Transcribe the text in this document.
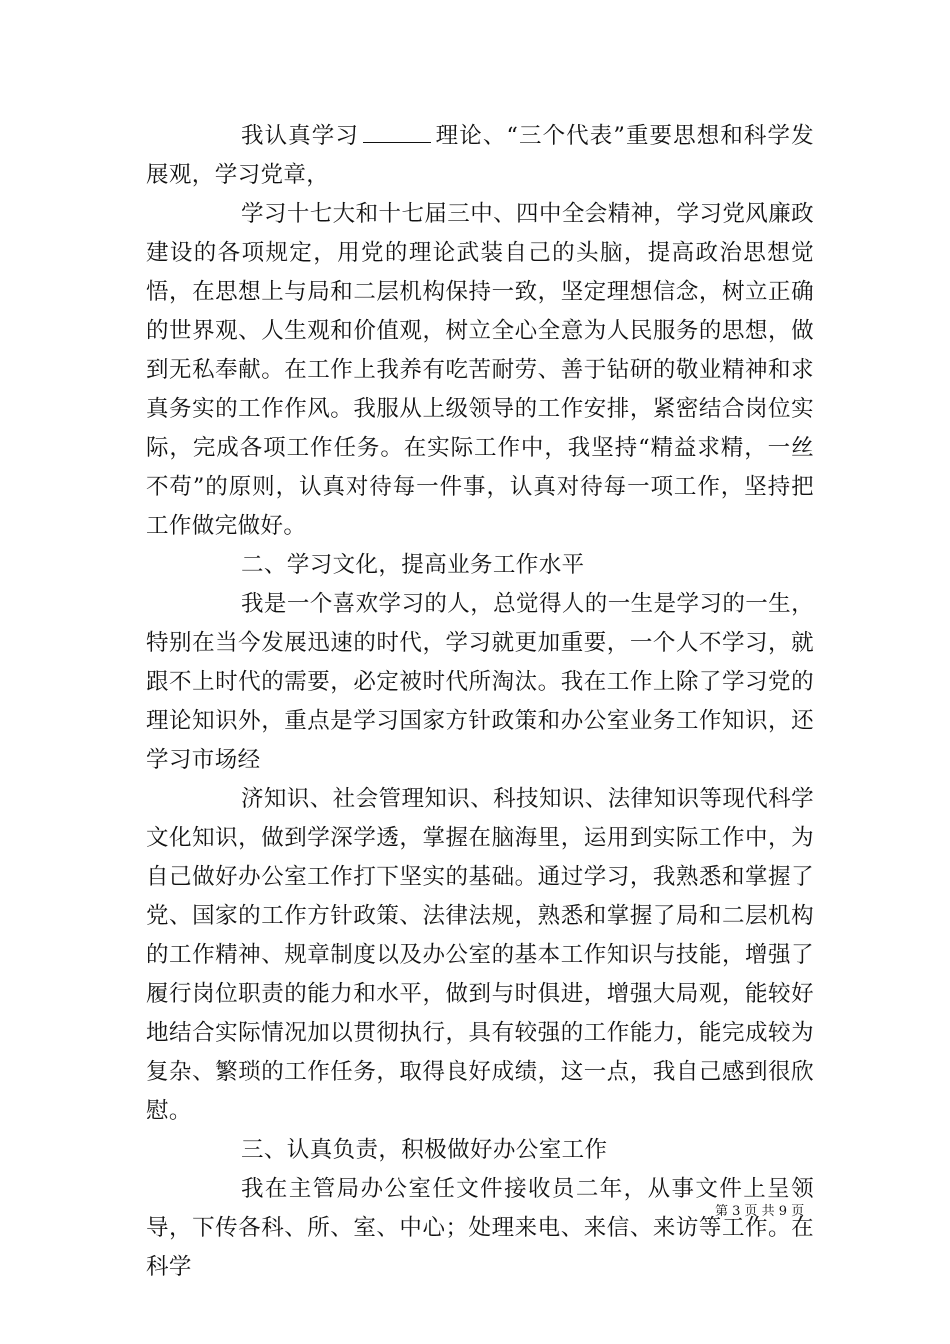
我认真学习	理论、“三个代表”重要思想和科学发展观，学习党章，

学习十七大和十七届三中、四中全会精神，学习党风廉政建设的各项规定，用党的理论武装自己的头脑，提高政治思想觉悟，在思想上与局和二层机构保持一致，坚定理想信念，树立正确的世界观、人生观和价值观，树立全心全意为人民服务的思想，做到无私奉献。在工作上我养有吃苦耐劳、善于钻研的敬业精神和求真务实的工作作风。我服从上级领导的工作安排，紧密结合岗位实际，完成各项工作任务。在实际工作中，我坚持“精益求精，一丝不苟”的原则，认真对待每一件事，认真对待每一项工作，坚持把工作做完做好。

二、学习文化，提高业务工作水平

我是一个喜欢学习的人，总觉得人的一生是学习的一生，特别在当今发展迅速的时代，学习就更加重要，一个人不学习，就跟不上时代的需要，必定被时代所淘汰。我在工作上除了学习党的理论知识外，重点是学习国家方针政策和办公室业务工作知识，还学习市场经

济知识、社会管理知识、科技知识、法律知识等现代科学文化知识，做到学深学透，掌握在脑海里，运用到实际工作中，为自己做好办公室工作打下坚实的基础。通过学习，我熟悉和掌握了党、国家的工作方针政策、法律法规，熟悉和掌握了局和二层机构的工作精神、规章制度以及办公室的基本工作知识与技能，增强了履行岗位职责的能力和水平，做到与时俱进，增强大局观，能较好地结合实际情况加以贯彻执行，具有较强的工作能力，能完成较为复杂、繁琐的工作任务，取得良好成绩，这一点，我自己感到很欣慰。

三、认真负责，积极做好办公室工作

我在主管局办公室任文件接收员二年，从事文件上呈领导，下传各科、所、室、中心；处理来电、来信、来访等工作。在科学

第 3 页 共 9 页
